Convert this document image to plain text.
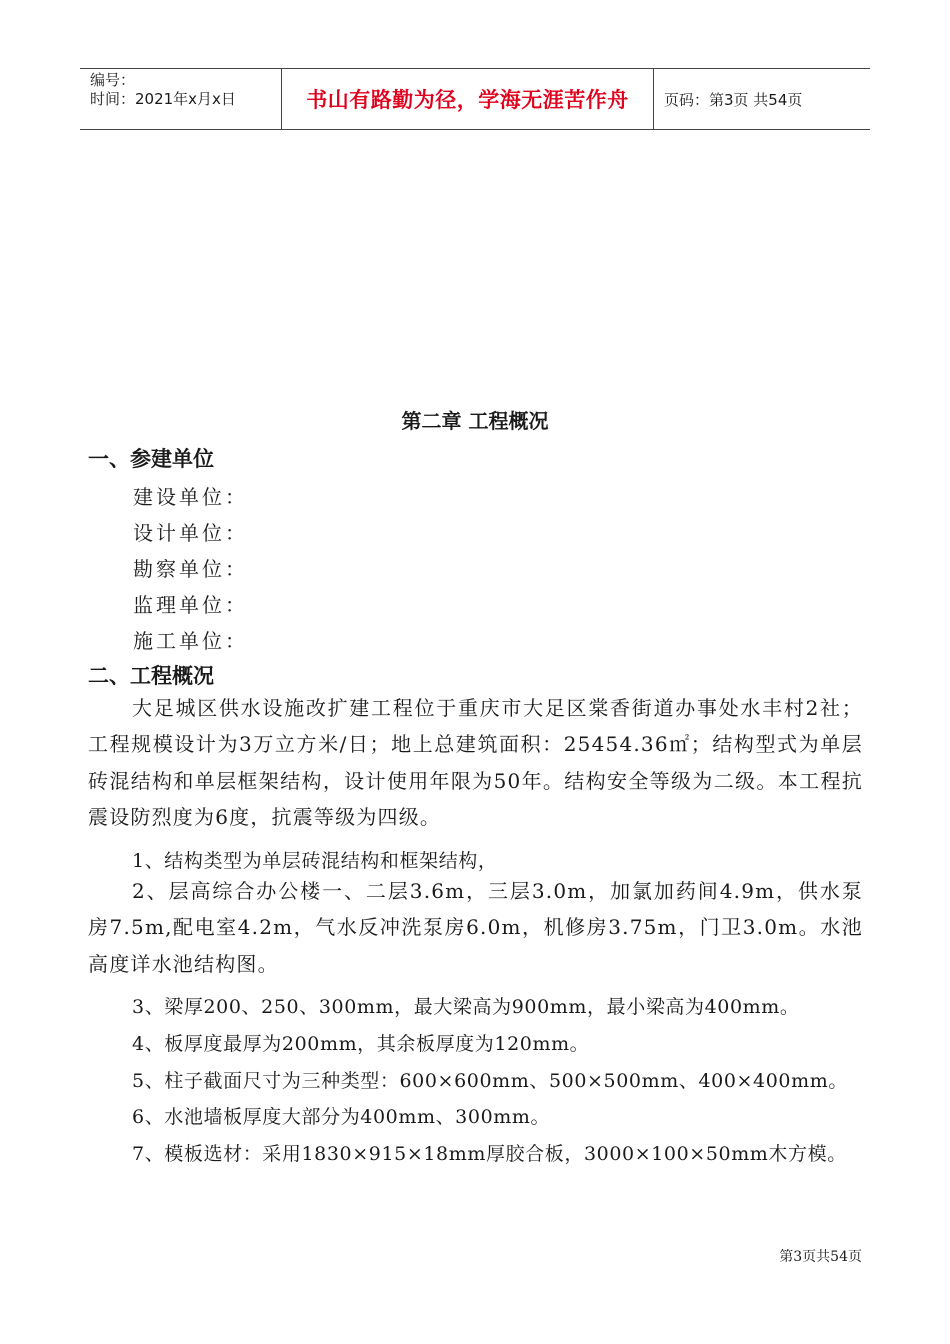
编号：
时间：2021年x月x日	书山有路勤为径，学海无涯苦作舟	页码：第3页 共54页
第二章 工程概况
一、参建单位
建设单位：
设计单位：
勘察单位：
监理单位：
施工单位：
二、工程概况

大足城区供水设施改扩建工程位于重庆市大足区棠香街道办事处水丰村2社；工程规模设计为3万立方米/日；地上总建筑面积：25454.36㎡；结构型式为单层砖混结构和单层框架结构，设计使用年限为50年。结构安全等级为二级。本工程抗震设防烈度为6度，抗震等级为四级。

1、结构类型为单层砖混结构和框架结构，

2、层高综合办公楼一、二层3.6m，三层3.0m，加氯加药间4.9m，供水泵房7.5m,配电室4.2m，气水反冲洗泵房6.0m，机修房3.75m，门卫3.0m。水池高度详水池结构图。

3、梁厚200、250、300mm，最大梁高为900mm，最小梁高为400mm。
4、板厚度最厚为200mm，其余板厚度为120mm。
5、柱子截面尺寸为三种类型：600×600mm、500×500mm、400×400mm。
6、水池墙板厚度大部分为400mm、300mm。
7、模板选材：采用1830×915×18mm厚胶合板，3000×100×50mm木方模。
第3页共54页
